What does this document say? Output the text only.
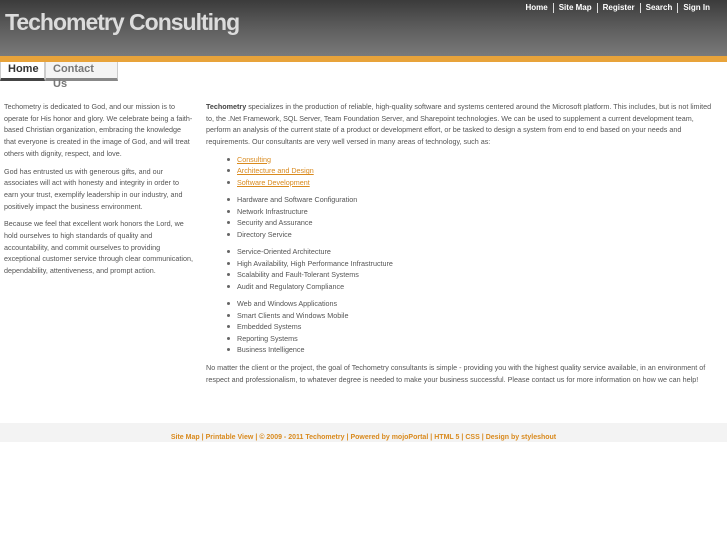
Techometry Consulting
Home	Site Map	Register	Search	Sign In
Home	Contact Us

Techometry is dedicated to God, and our mission is to operate for His honor and glory. We celebrate being a faith-based Christian organization, embracing the knowledge that everyone is created in the image of God, and will treat others with dignity, respect, and love.

God has entrusted us with generous gifts, and our associates will act with honesty and integrity in order to earn your trust, exemplify leadership in our industry, and positively impact the business environment.

Because we feel that excellent work honors the Lord, we hold ourselves to high standards of quality and accountability, and commit ourselves to providing exceptional customer service through clear communication, dependability, attentiveness, and prompt action.

Techometry specializes in the production of reliable, high-quality software and systems centered around the Microsoft platform. This includes, but is not limited to, the .Net Framework, SQL Server, Team Foundation Server, and Sharepoint technologies. We can be used to supplement a current development team, perform an analysis of the current state of a product or development effort, or be tasked to design a system from end to end based on your needs and requirements. Our consultants are very well versed in many areas of technology, such as:

Consulting
Architecture and Design
Software Development
Hardware and Software Configuration
Network Infrastructure
Security and Assurance
Directory Service
Service-Oriented Architecture
High Availability, High Performance Infrastructure
Scalability and Fault-Tolerant Systems
Audit and Regulatory Compliance
Web and Windows Applications
Smart Clients and Windows Mobile
Embedded Systems
Reporting Systems
Business Intelligence

No matter the client or the project, the goal of Techometry consultants is simple - providing you with the highest quality service available, in an environment of respect and professionalism, to whatever degree is needed to make your business successful. Please contact us for more information on how we can help!

Site Map | Printable View | © 2009 - 2011 Techometry | Powered by mojoPortal | HTML 5 | CSS | Design by styleshout
